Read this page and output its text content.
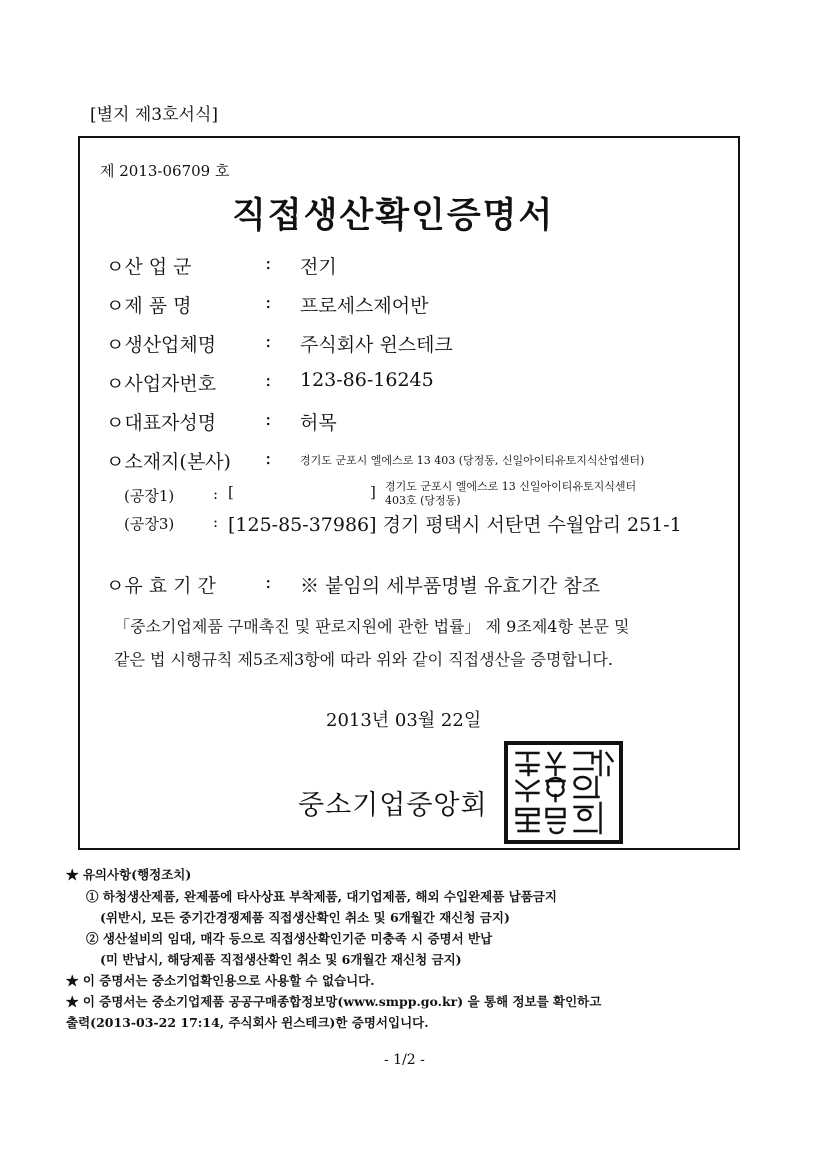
[별지 제3호서식]
제 2013-06709 호
직접생산확인증명서
ㅇ산 업 군	: 전기
ㅇ제 품 명	: 프로세스제어반
ㅇ생산업체명	: 주식회사 윈스테크
ㅇ사업자번호	: 123-86-16245
ㅇ대표자성명	: 허목
ㅇ소재지(본사) :	경기도 군포시 엘에스로 13 403 (당정동, 신일아이티유토지식산업센터)
(공장1)	: [	] 경기도 군포시 엘에스로 13 신일아이티유토지식센터
403호 (당정동)
(공장3)	: [125-85-37986] 경기 평택시 서탄면 수월암리 251-1
ㅇ유 효 기 간	: ※ 붙임의 세부품명별 유효기간 참조
「중소기업제품 구매촉진 및 판로지원에 관한 법률」 제 9조제4항 본문 및
같은 법 시행규칙 제5조제3항에 따라 위와 같이 직접생산을 증명합니다.
2013년 03월 22일
중소기업중앙회
★ 유의사항(행정조치)
① 하청생산제품, 완제품에 타사상표 부착제품, 대기업제품, 해외 수입완제품 납품금지
(위반시, 모든 중기간경쟁제품 직접생산확인 취소 및 6개월간 재신청 금지)
② 생산설비의 임대, 매각 등으로 직접생산확인기준 미충족 시 증명서 반납
(미 반납시, 해당제품 직접생산확인 취소 및 6개월간 재신청 금지)
★ 이 증명서는 중소기업확인용으로 사용할 수 없습니다.
★ 이 증명서는 중소기업제품 공공구매종합정보망(www.smpp.go.kr) 을 통해 정보를 확인하고
출력(2013-03-22 17:14, 주식회사 윈스테크)한 증명서입니다.
- 1/2 -
